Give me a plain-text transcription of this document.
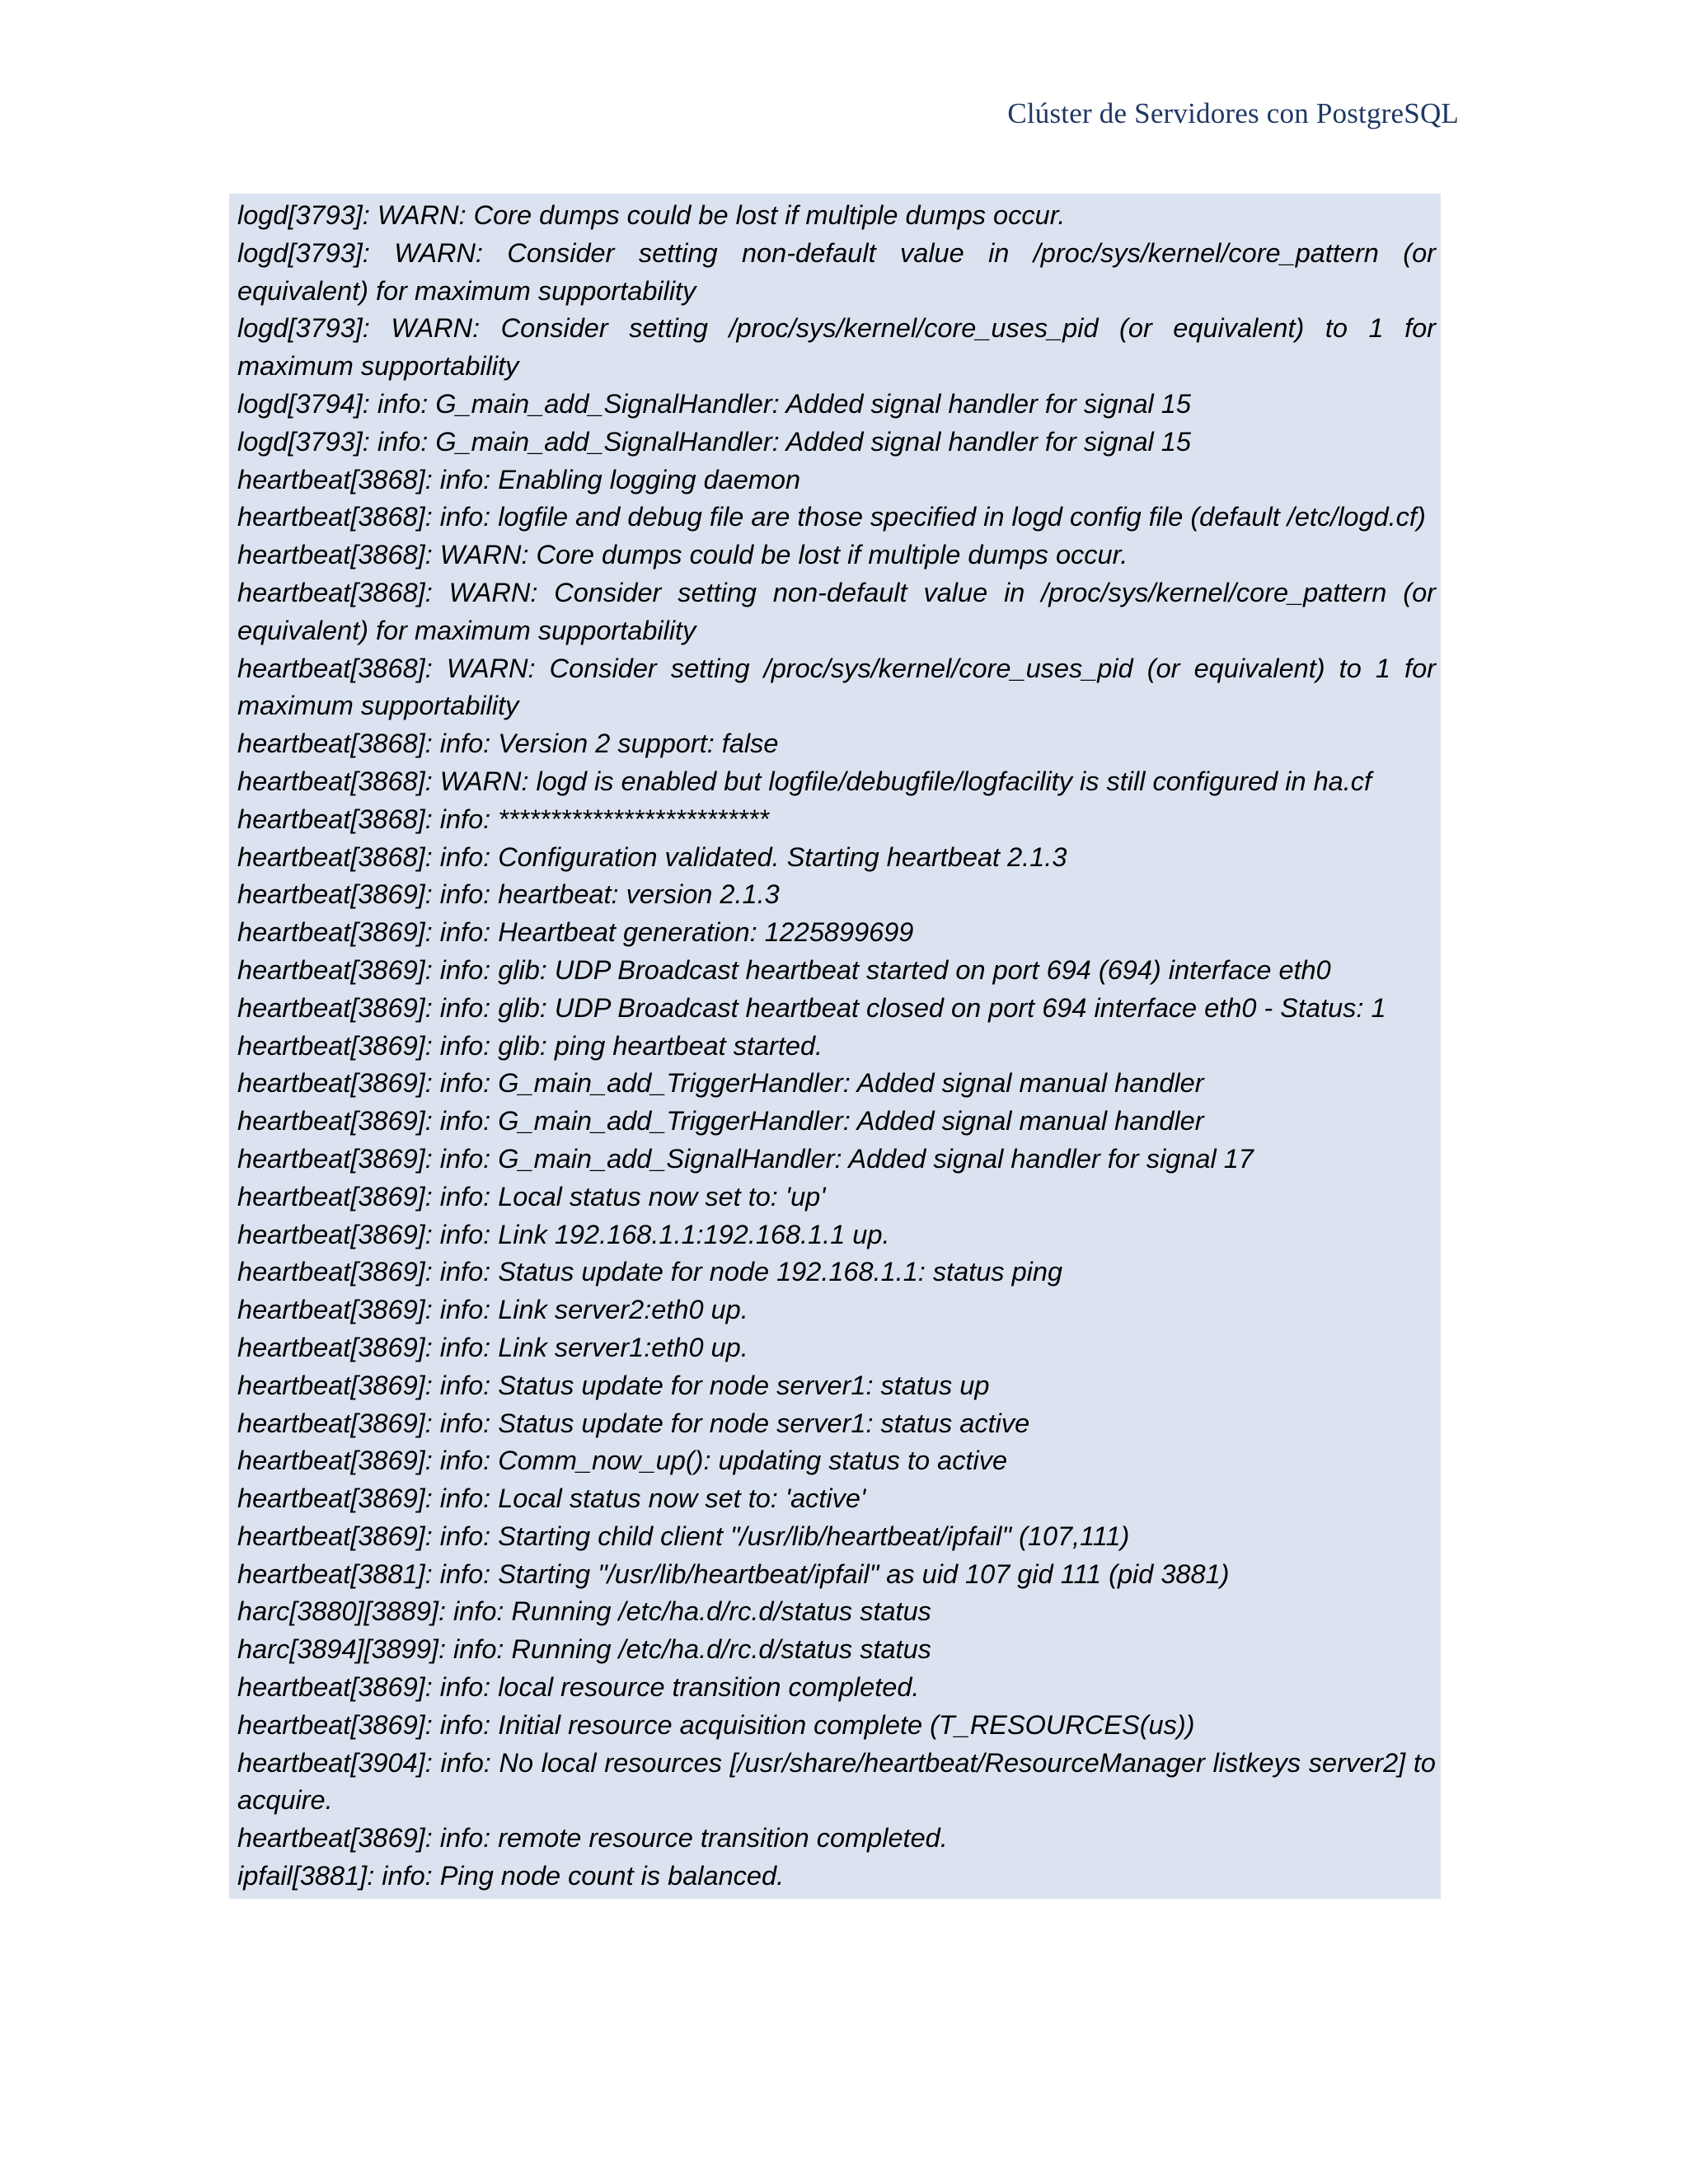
Clúster de Servidores con PostgreSQL

logd[3793]: WARN: Core dumps could be lost if multiple dumps occur.

logd[3793]: WARN: Consider setting non-default value in /proc/sys/kernel/core_pattern (or equivalent) for maximum supportability

logd[3793]: WARN: Consider setting /proc/sys/kernel/core_uses_pid (or equivalent) to 1 for maximum supportability

logd[3794]: info: G_main_add_SignalHandler: Added signal handler for signal 15

logd[3793]: info: G_main_add_SignalHandler: Added signal handler for signal 15

heartbeat[3868]: info: Enabling logging daemon

heartbeat[3868]: info: logfile and debug file are those specified in logd config file (default /etc/logd.cf)

heartbeat[3868]: WARN: Core dumps could be lost if multiple dumps occur.

heartbeat[3868]: WARN: Consider setting non-default value in /proc/sys/kernel/core_pattern (or equivalent) for maximum supportability

heartbeat[3868]: WARN: Consider setting /proc/sys/kernel/core_uses_pid (or equivalent) to 1 for maximum supportability

heartbeat[3868]: info: Version 2 support: false

heartbeat[3868]: WARN: logd is enabled but logfile/debugfile/logfacility is still configured in ha.cf

heartbeat[3868]: info: **************************

heartbeat[3868]: info: Configuration validated. Starting heartbeat 2.1.3

heartbeat[3869]: info: heartbeat: version 2.1.3

heartbeat[3869]: info: Heartbeat generation: 1225899699

heartbeat[3869]: info: glib: UDP Broadcast heartbeat started on port 694 (694) interface eth0

heartbeat[3869]: info: glib: UDP Broadcast heartbeat closed on port 694 interface eth0 - Status: 1

heartbeat[3869]: info: glib: ping heartbeat started.

heartbeat[3869]: info: G_main_add_TriggerHandler: Added signal manual handler

heartbeat[3869]: info: G_main_add_TriggerHandler: Added signal manual handler

heartbeat[3869]: info: G_main_add_SignalHandler: Added signal handler for signal 17

heartbeat[3869]: info: Local status now set to: 'up'

heartbeat[3869]: info: Link 192.168.1.1:192.168.1.1 up.

heartbeat[3869]: info: Status update for node 192.168.1.1: status ping

heartbeat[3869]: info: Link server2:eth0 up.

heartbeat[3869]: info: Link server1:eth0 up.

heartbeat[3869]: info: Status update for node server1: status up

heartbeat[3869]: info: Status update for node server1: status active

heartbeat[3869]: info: Comm_now_up(): updating status to active

heartbeat[3869]: info: Local status now set to: 'active'

heartbeat[3869]: info: Starting child client "/usr/lib/heartbeat/ipfail" (107,111)

heartbeat[3881]: info: Starting "/usr/lib/heartbeat/ipfail" as uid 107 gid 111 (pid 3881)

harc[3880][3889]: info: Running /etc/ha.d/rc.d/status status

harc[3894][3899]: info: Running /etc/ha.d/rc.d/status status

heartbeat[3869]: info: local resource transition completed.

heartbeat[3869]: info: Initial resource acquisition complete (T_RESOURCES(us))

heartbeat[3904]: info: No local resources [/usr/share/heartbeat/ResourceManager listkeys server2] to acquire.

heartbeat[3869]: info: remote resource transition completed.

ipfail[3881]: info: Ping node count is balanced.
